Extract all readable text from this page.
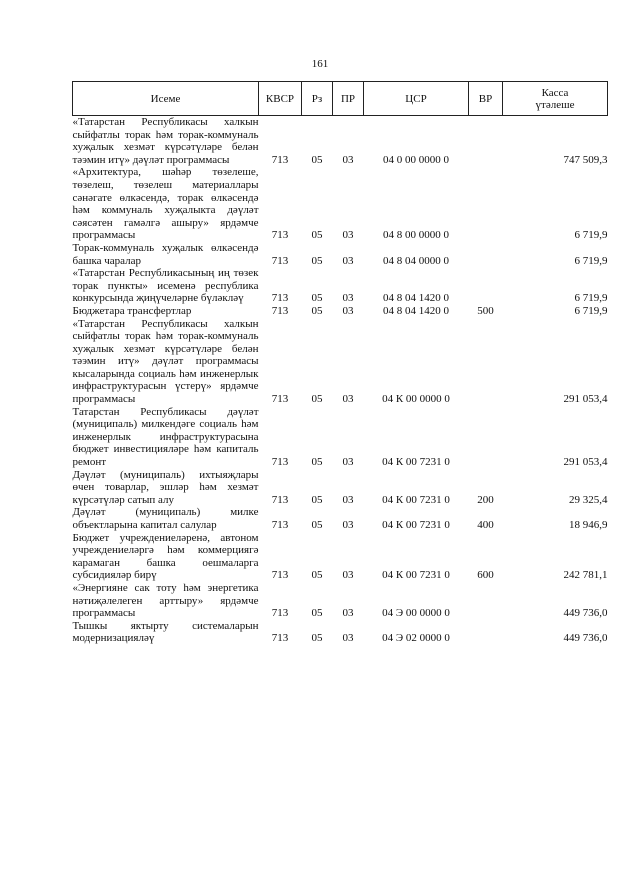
161
Исеме	КВСР	Рз	ПР	ЦСР	ВР	Касса
үтәлеше
«Татарстан Республикасы халкын сыйфатлы торак һәм торак-коммуналь хуҗалык хезмәт күрсәтүләре белән тәэмин итү» дәүләт программасы	713	05	03	04 0 00 0000 0		747 509,3
«Архитектура, шәһәр төзелеше, төзелеш, төзелеш материаллары сәнәгате өлкәсендә, торак өлкәсендә һәм коммуналь хуҗалыкта дәүләт сәясәтен гамәлгә ашыру» ярдәмче программасы	713	05	03	04 8 00 0000 0		6 719,9
Торак-коммуналь хуҗалык өлкәсендә башка чаралар	713	05	03	04 8 04 0000 0		6 719,9
«Татарстан Республикасының иң төзек торак пункты» исеменә республика конкурсында җиңүчеләрне бүләкләү	713	05	03	04 8 04 1420 0		6 719,9
Бюджетара трансфертлар	713	05	03	04 8 04 1420 0	500	6 719,9
«Татарстан Республикасы халкын сыйфатлы торак һәм торак-коммуналь хуҗалык хезмәт күрсәтүләре белән тәэмин итү» дәүләт программасы кысаларында социаль һәм инженерлык инфраструктурасын үстерү» ярдәмче программасы	713	05	03	04 К 00 0000 0		291 053,4
Татарстан Республикасы дәүләт (муниципаль) милкендәге социаль һәм инженерлык инфраструктурасына бюджет инвестицияләре һәм капиталь ремонт	713	05	03	04 К 00 7231 0		291 053,4
Дәүләт (муниципаль) ихтыяҗлары өчен товарлар, эшләр һәм хезмәт күрсәтүләр сатып алу	713	05	03	04 К 00 7231 0	200	29 325,4
Дәүләт (муниципаль) милке объектларына капитал салулар	713	05	03	04 К 00 7231 0	400	18 946,9
Бюджет учреждениеләренә, автоном учреждениеләргә һәм коммерциягә карамаган башка оешмаларга субсидияләр бирү	713	05	03	04 К 00 7231 0	600	242 781,1
«Энергияне сак тоту һәм энергетика нәтиҗәлелеген арттыру» ярдәмче программасы	713	05	03	04 Э 00 0000 0		449 736,0
Тышкы яктырту системаларын модернизацияләү	713	05	03	04 Э 02 0000 0		449 736,0
